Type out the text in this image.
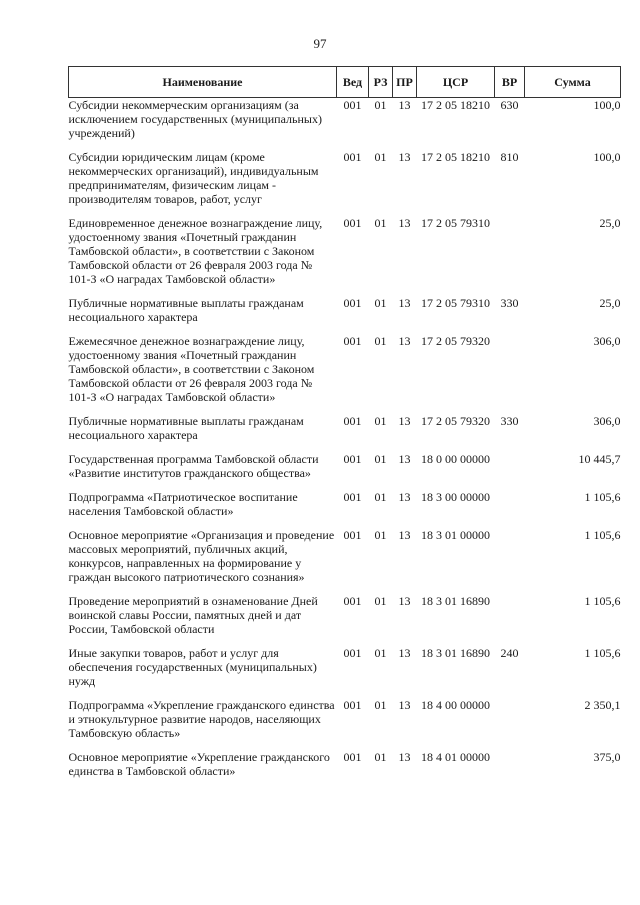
97
Наименование	Вед	РЗ	ПР	ЦСР	ВР	Сумма
Субсидии некоммерческим организациям (за исключением государственных (муниципальных) учреждений)	001	01	13	17 2 05 18210	630	100,0
Субсидии юридическим лицам (кроме некоммерческих организаций), индивидуальным предпринимателям, физическим лицам - производителям товаров, работ, услуг	001	01	13	17 2 05 18210	810	100,0
Единовременное денежное вознаграждение лицу, удостоенному звания «Почетный гражданин Тамбовской области», в соответствии с Законом Тамбовской области от 26 февраля 2003 года № 101-З «О наградах Тамбовской области»	001	01	13	17 2 05 79310		25,0
Публичные нормативные выплаты гражданам несоциального характера	001	01	13	17 2 05 79310	330	25,0
Ежемесячное денежное вознаграждение лицу, удостоенному звания «Почетный гражданин Тамбовской области», в соответствии с Законом Тамбовской области от 26 февраля 2003 года № 101-З «О наградах Тамбовской области»	001	01	13	17 2 05 79320		306,0
Публичные нормативные выплаты гражданам несоциального характера	001	01	13	17 2 05 79320	330	306,0
Государственная программа Тамбовской области «Развитие институтов гражданского общества»	001	01	13	18 0 00 00000		10 445,7
Подпрограмма «Патриотическое воспитание населения Тамбовской области»	001	01	13	18 3 00 00000		1 105,6
Основное мероприятие «Организация и проведение массовых мероприятий, публичных акций, конкурсов, направленных на формирование у граждан высокого патриотического сознания»	001	01	13	18 3 01 00000		1 105,6
Проведение мероприятий в ознаменование Дней воинской славы России, памятных дней и дат России, Тамбовской области	001	01	13	18 3 01 16890		1 105,6
Иные закупки товаров, работ и услуг для обеспечения государственных (муниципальных) нужд	001	01	13	18 3 01 16890	240	1 105,6
Подпрограмма «Укрепление гражданского единства и этнокультурное развитие народов, населяющих Тамбовскую область»	001	01	13	18 4 00 00000		2 350,1
Основное мероприятие «Укрепление гражданского единства в Тамбовской области»	001	01	13	18 4 01 00000		375,0
